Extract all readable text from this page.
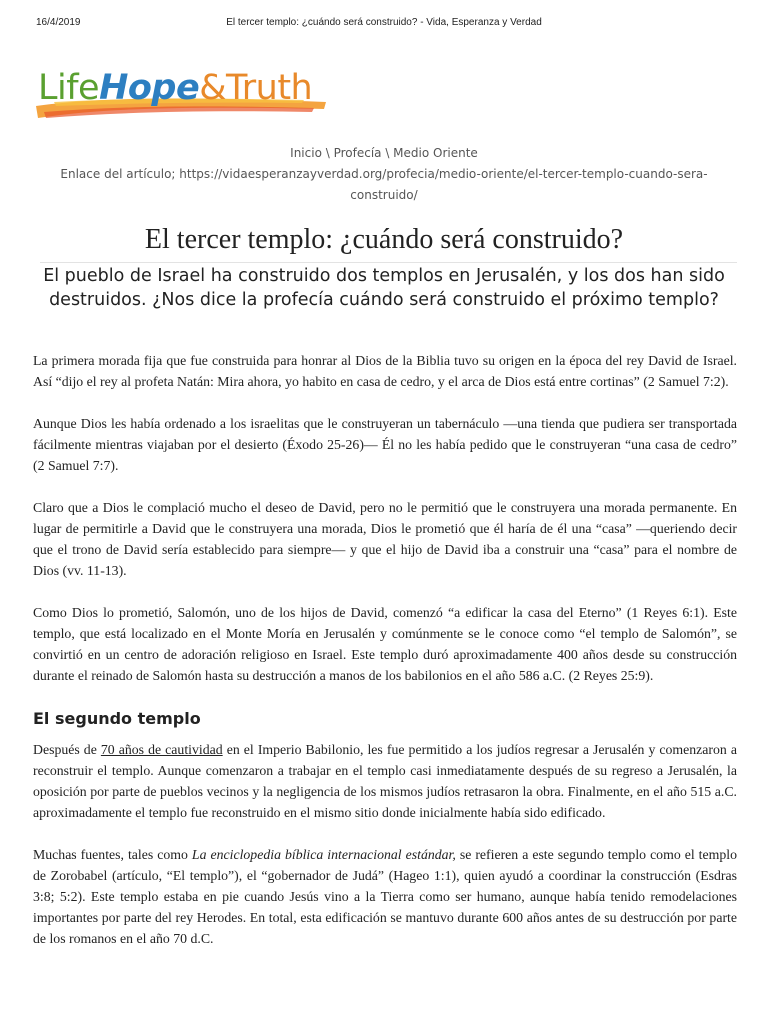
16/4/2019	El tercer templo: ¿cuándo será construido? - Vida, Esperanza y Verdad
LifeHope&Truth

Inicio \ Profecía \ Medio Oriente

Enlace del artículo; https://vidaesperanzayverdad.org/profecia/medio-oriente/el-tercer-templo-cuando-sera-construido/

El tercer templo: ¿cuándo será construido?

El pueblo de Israel ha construido dos templos en Jerusalén, y los dos han sido destruidos. ¿Nos dice la profecía cuándo será construido el próximo templo?

La primera morada fija que fue construida para honrar al Dios de la Biblia tuvo su origen en la época del rey David de Israel. Así “dijo el rey al profeta Natán: Mira ahora, yo habito en casa de cedro, y el arca de Dios está entre cortinas” (2 Samuel 7:2).

Aunque Dios les había ordenado a los israelitas que le construyeran un tabernáculo —una tienda que pudiera ser transportada fácilmente mientras viajaban por el desierto (Éxodo 25-26)— Él no les había pedido que le construyeran “una casa de cedro” (2 Samuel 7:7).

Claro que a Dios le complació mucho el deseo de David, pero no le permitió que le construyera una morada permanente. En lugar de permitirle a David que le construyera una morada, Dios le prometió que él haría de él una “casa” —queriendo decir que el trono de David sería establecido para siempre— y que el hijo de David iba a construir una “casa” para el nombre de Dios (vv. 11-13).

Como Dios lo prometió, Salomón, uno de los hijos de David, comenzó “a edificar la casa del Eterno” (1 Reyes 6:1). Este templo, que está localizado en el Monte Moría en Jerusalén y comúnmente se le conoce como “el templo de Salomón”, se convirtió en un centro de adoración religioso en Israel. Este templo duró aproximadamente 400 años desde su construcción durante el reinado de Salomón hasta su destrucción a manos de los babilonios en el año 586 a.C. (2 Reyes 25:9).

El segundo templo

Después de 70 años de cautividad en el Imperio Babilonio, les fue permitido a los judíos regresar a Jerusalén y comenzaron a reconstruir el templo. Aunque comenzaron a trabajar en el templo casi inmediatamente después de su regreso a Jerusalén, la oposición por parte de pueblos vecinos y la negligencia de los mismos judíos retrasaron la obra. Finalmente, en el año 515 a.C. aproximadamente el templo fue reconstruido en el mismo sitio donde inicialmente había sido edificado.

Muchas fuentes, tales como La enciclopedia bíblica internacional estándar, se refieren a este segundo templo como el templo de Zorobabel (artículo, “El templo”), el “gobernador de Judá” (Hageo 1:1), quien ayudó a coordinar la construcción (Esdras 3:8; 5:2). Este templo estaba en pie cuando Jesús vino a la Tierra como ser humano, aunque había tenido remodelaciones importantes por parte del rey Herodes. En total, esta edificación se mantuvo durante 600 años antes de su destrucción por parte de los romanos en el año 70 d.C.
